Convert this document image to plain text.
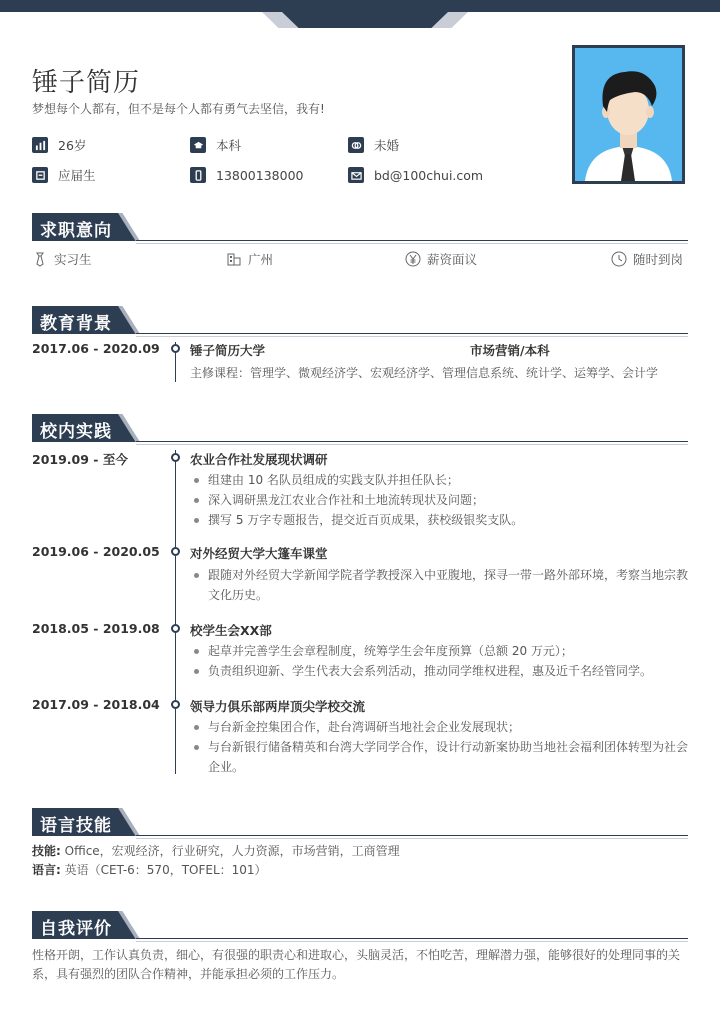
锤子简历
梦想每个人都有，但不是每个人都有勇气去坚信，我有!
26岁	本科	未婚
应届生	13800138000	bd@100chui.com
求职意向
实习生	广州	薪资面议	随时到岗
教育背景
2017.06 - 2020.09 锤子简历大学	市场营销/本科
主修课程：管理学、微观经济学、宏观经济学、管理信息系统、统计学、运筹学、会计学
校内实践
2019.09 - 至今	农业合作社发展现状调研
组建由 10 名队员组成的实践支队并担任队长；
深入调研黑龙江农业合作社和土地流转现状及问题；
撰写 5 万字专题报告，提交近百页成果，获校级银奖支队。
2019.06 - 2020.05 对外经贸大学大篷车课堂
跟随对外经贸大学新闻学院者学教授深入中亚腹地，探寻一带一路外部环境，考察当地宗教文化历史。
2018.05 - 2019.08 校学生会XX部
起草并完善学生会章程制度，统筹学生会年度预算（总额 20 万元）；
负责组织迎新、学生代表大会系列活动，推动同学维权进程，惠及近千名经管同学。
2017.09 - 2018.04 领导力俱乐部两岸顶尖学校交流
与台新金控集团合作，赴台湾调研当地社会企业发展现状；
与台新银行储备精英和台湾大学同学合作，设计行动新案协助当地社会福利团体转型为社会企业。
语言技能
技能: Office，宏观经济，行业研究，人力资源，市场营销，工商管理
语言: 英语（CET-6：570，TOFEL：101）
自我评价
性格开朗，工作认真负责，细心，有很强的职责心和进取心，头脑灵活，不怕吃苦，理解潜力强，能够很好的处理同事的关系，具有强烈的团队合作精神，并能承担必须的工作压力。
